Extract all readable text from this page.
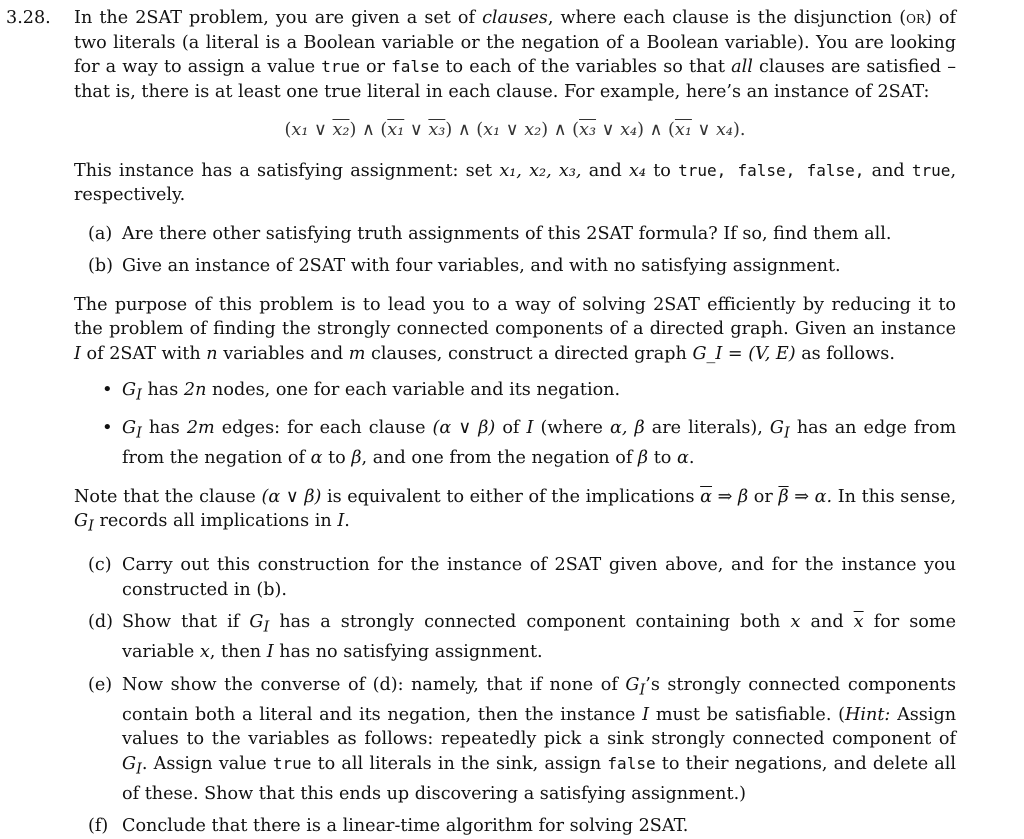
3.28. In the 2SAT problem, you are given a set of clauses, where each clause is the disjunction (or) of two literals (a literal is a Boolean variable or the negation of a Boolean variable). You are looking for a way to assign a value true or false to each of the variables so that all clauses are satisfied – that is, there is at least one true literal in each clause. For example, here’s an instance of 2SAT:

(x₁ ∨ x₂) ∧ (x₁ ∨ x₃) ∧ (x₁ ∨ x₂) ∧ (x₃ ∨ x₄) ∧ (x₁ ∨ x₄).

This instance has a satisfying assignment: set x₁, x₂, x₃, and x₄ to true, false, false, and true, respectively.

(a) Are there other satisfying truth assignments of this 2SAT formula? If so, find them all.

(b) Give an instance of 2SAT with four variables, and with no satisfying assignment.

The purpose of this problem is to lead you to a way of solving 2SAT efficiently by reducing it to the problem of finding the strongly connected components of a directed graph. Given an instance I of 2SAT with n variables and m clauses, construct a directed graph G_I = (V, E) as follows.

• $G_I$ has 2n nodes, one for each variable and its negation.
• $G_I$ has 2m edges: for each clause (α ∨ β) of I (where α, β are literals), $G_I$ has an edge from from the negation of α to β, and one from the negation of β to α.

Note that the clause (α ∨ β) is equivalent to either of the implications $\overline{\alpha}$ ⇒ β or $\overline{\beta}$ ⇒ α. In this sense, $G_I$ records all implications in I.

(c) Carry out this construction for the instance of 2SAT given above, and for the instance you constructed in (b).

(d) Show that if $G_I$ has a strongly connected component containing both x and $\overline{x}$ for some variable x, then I has no satisfying assignment.

(e) Now show the converse of (d): namely, that if none of $G_I’s$ strongly connected components contain both a literal and its negation, then the instance I must be satisfiable. (Hint: Assign values to the variables as follows: repeatedly pick a sink strongly connected component of $G_I$. Assign value true to all literals in the sink, assign false to their negations, and delete all of these. Show that this ends up discovering a satisfying assignment.)

(f) Conclude that there is a linear-time algorithm for solving 2SAT.
